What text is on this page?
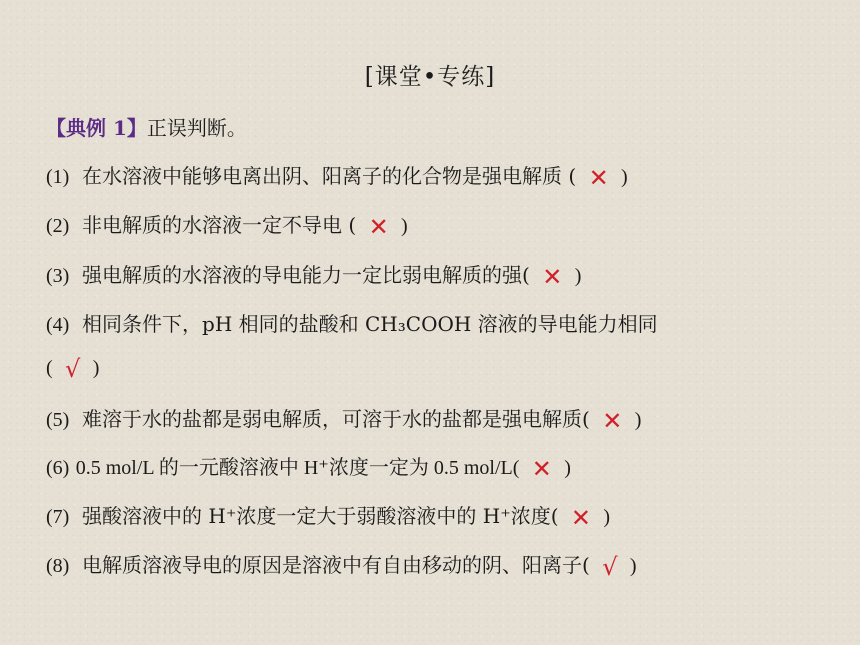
[课堂•专练]
【典例 1】正误判断。
(1) 在水溶液中能够电离出阴、阳离子的化合物是强电解质 ( ✕ )
(2) 非电解质的水溶液一定不导电 ( ✕ )
(3) 强电解质的水溶液的导电能力一定比弱电解质的强( ✕ )
(4) 相同条件下，pH 相同的盐酸和 CH₃COOH 溶液的导电能力相同
( √ )
(5) 难溶于水的盐都是弱电解质，可溶于水的盐都是强电解质( ✕ )
(6) 0.5 mol/L 的一元酸溶液中 H⁺浓度一定为 0.5 mol/L( ✕ )
(7) 强酸溶液中的 H⁺浓度一定大于弱酸溶液中的 H⁺浓度( ✕ )
(8) 电解质溶液导电的原因是溶液中有自由移动的阴、阳离子( √ )
